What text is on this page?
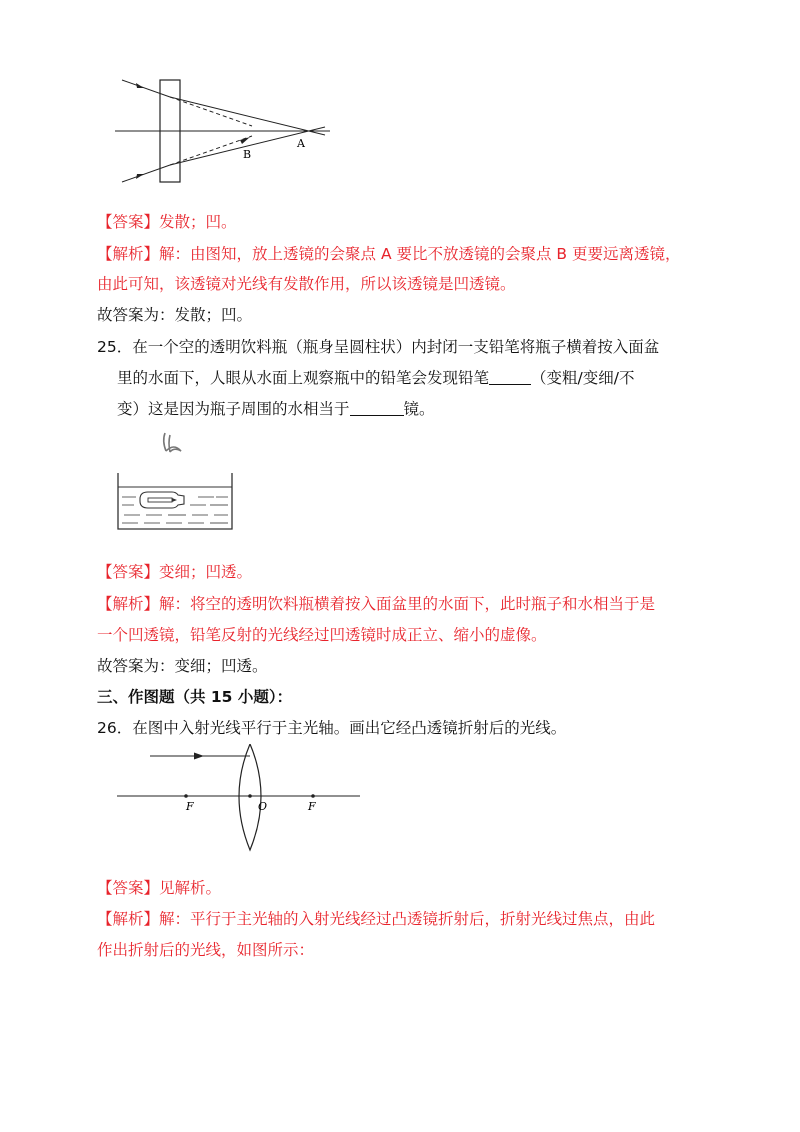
A
B
【答案】发散；凹。
【解析】解：由图知，放上透镜的会聚点 A 要比不放透镜的会聚点 B 更要远离透镜，
由此可知，该透镜对光线有发散作用，所以该透镜是凹透镜。
故答案为：发散；凹。
25．在一个空的透明饮料瓶（瓶身呈圆柱状）内封闭一支铅笔将瓶子横着按入面盆
里的水面下，人眼从水面上观察瓶中的铅笔会发现铅笔	（变粗/变细/不
变）这是因为瓶子周围的水相当于	镜。
【答案】变细；凹透。
【解析】解：将空的透明饮料瓶横着按入面盆里的水面下，此时瓶子和水相当于是
一个凹透镜，铅笔反射的光线经过凹透镜时成正立、缩小的虚像。
故答案为：变细；凹透。
三、作图题（共 15 小题）：
26．在图中入射光线平行于主光轴。画出它经凸透镜折射后的光线。
F	O	F
【答案】见解析。
【解析】解：平行于主光轴的入射光线经过凸透镜折射后，折射光线过焦点，由此
作出折射后的光线，如图所示：
